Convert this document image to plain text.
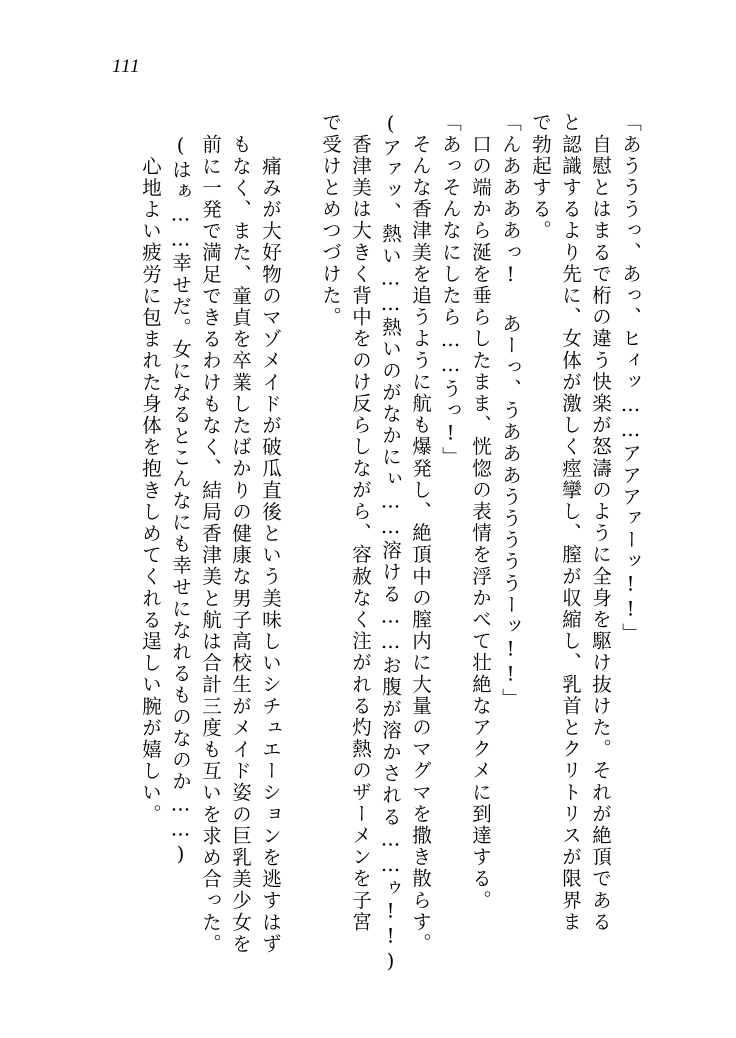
111
「あうううっ、あっ、ヒィッ……アアアァーッ!!」
　自慰とはまるで桁の違う快楽が怒濤のように全身を駆け抜けた。それが絶頂である
と認識するより先に、女体が激しく痙攣し、膣が収縮し、乳首とクリトリスが限界ま
で勃起する。
「んああああっ! あーっ、うあああうううううーッ!!」
　口の端から涎を垂らしたまま、恍惚の表情を浮かべて壮絶なアクメに到達する。
「あっそんなにしたら……うっ!」
　そんな香津美を追うように航も爆発し、絶頂中の膣内に大量のマグマを撒き散らす。
(アァッ、熱い……熱いのがなかにぃ……溶ける……お腹が溶かされる……ゥ!!)
　香津美は大きく背中をのけ反らしながら、容赦なく注がれる灼熱のザーメンを子宮
で受けとめつづけた。
　痛みが大好物のマゾメイドが破瓜直後という美味しいシチュエーションを逃すはず
もなく、また、童貞を卒業したばかりの健康な男子高校生がメイド姿の巨乳美少女を
前に一発で満足できるわけもなく、結局香津美と航は合計三度も互いを求め合った。
(はぁ……幸せだ。女になるとこんなにも幸せになれるものなのか……)
　心地よい疲労に包まれた身体を抱きしめてくれる逞しい腕が嬉しい。
